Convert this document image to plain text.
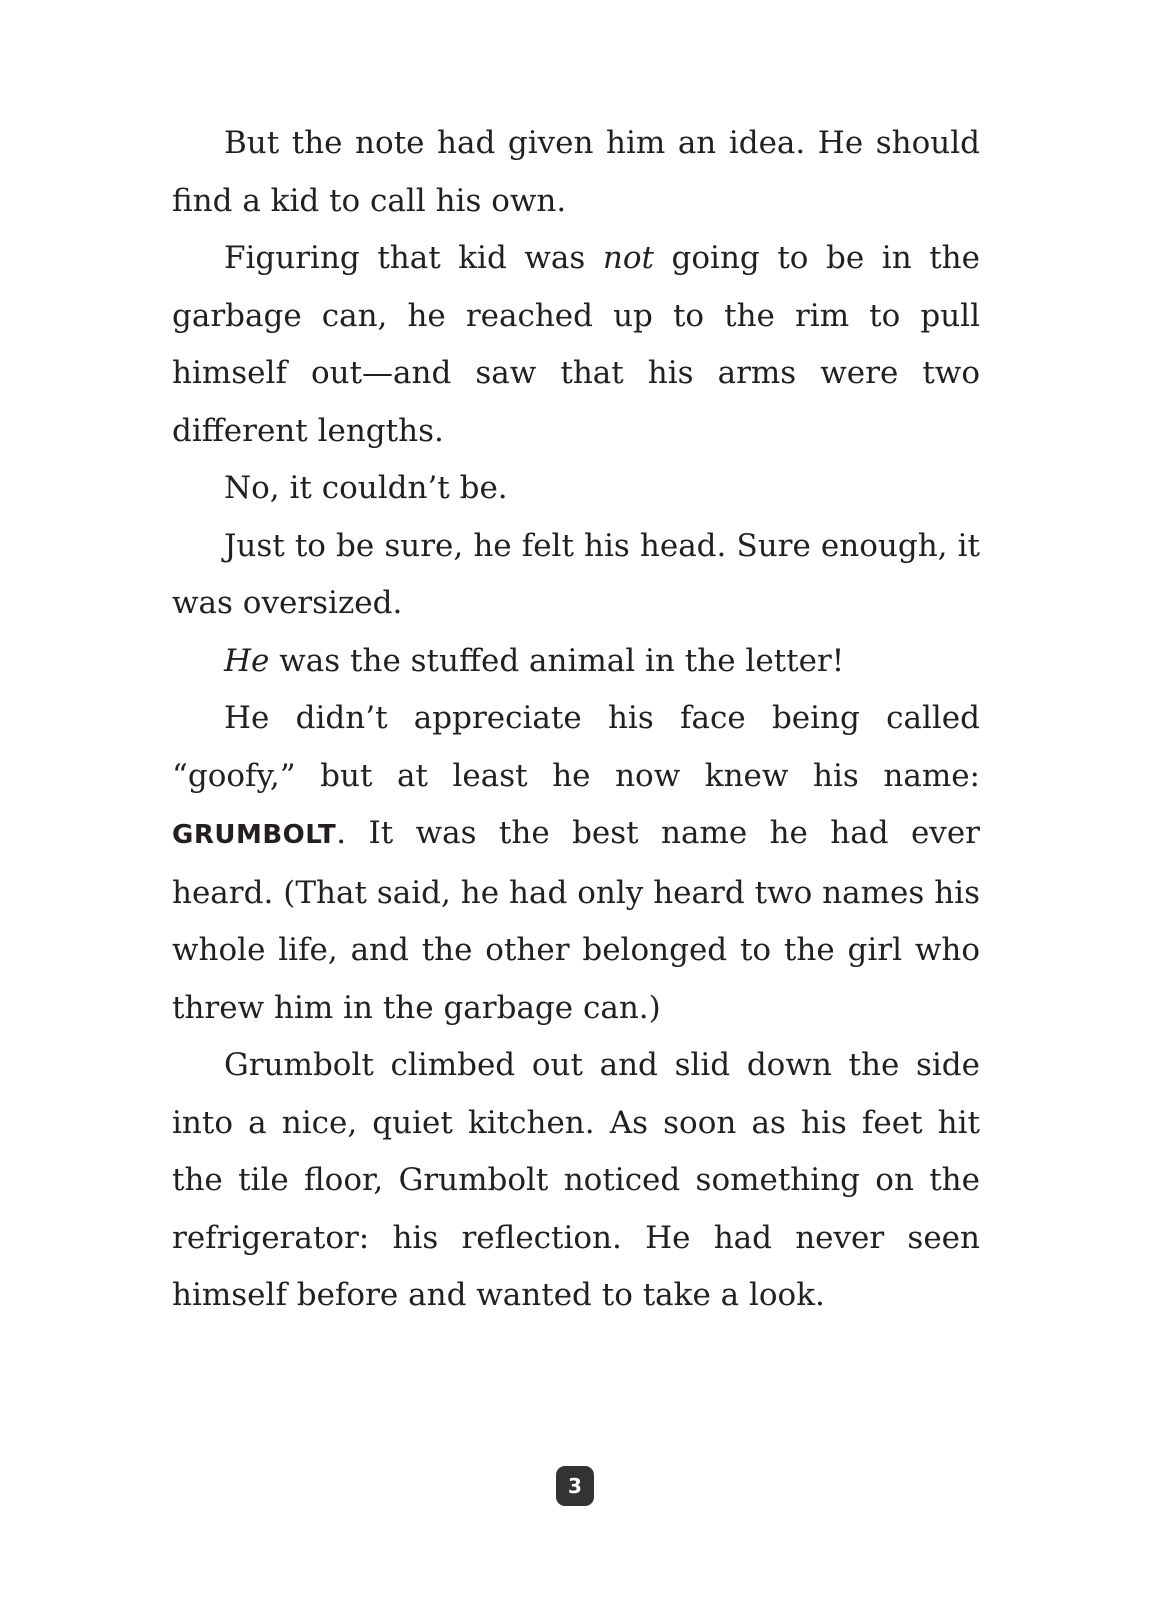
But the note had given him an idea. He should find a kid to call his own.

Figuring that kid was not going to be in the garbage can, he reached up to the rim to pull himself out—and saw that his arms were two different lengths.

No, it couldn’t be.

Just to be sure, he felt his head. Sure enough, it was oversized.

He was the stuffed animal in the letter!

He didn’t appreciate his face being called “goofy,” but at least he now knew his name: GRUMBOLT. It was the best name he had ever heard. (That said, he had only heard two names his whole life, and the other belonged to the girl who threw him in the garbage can.)

Grumbolt climbed out and slid down the side into a nice, quiet kitchen. As soon as his feet hit the tile floor, Grumbolt noticed something on the refrigerator: his reflection. He had never seen himself before and wanted to take a look.

3
